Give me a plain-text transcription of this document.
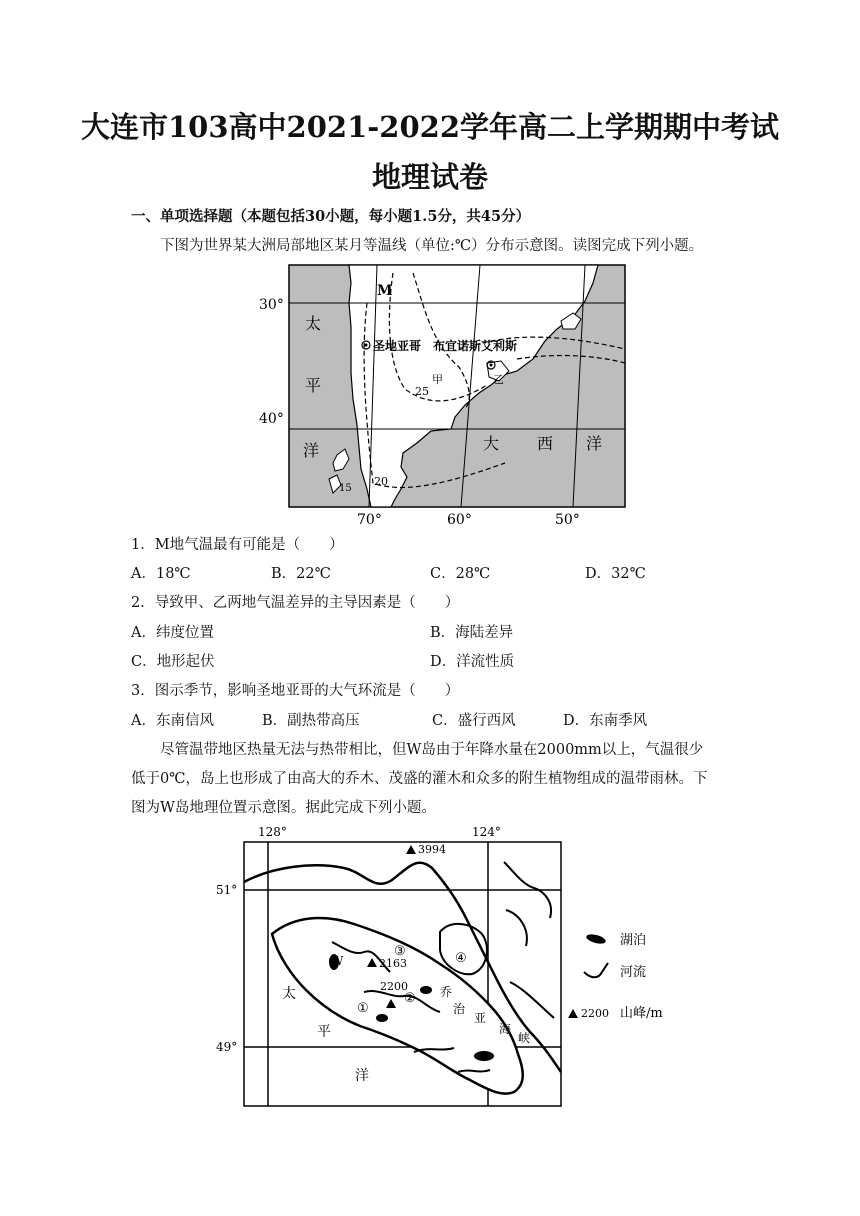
大连市103高中2021-2022学年高二上学期期中考试
地理试卷
一、单项选择题（本题包括30小题，每小题1.5分，共45分）
下图为世界某大洲局部地区某月等温线（单位:℃）分布示意图。读图完成下列小题。
30°
40°
70°	60°	50°
M
圣地亚哥 布宜诺斯艾利斯
甲	乙
25
20
15
太
平
洋	大 西 洋
1．M地气温最有可能是（　　）
A．18℃	B．22℃	C．28℃	D．32℃
2．导致甲、乙两地气温差异的主导因素是（　　）
A．纬度位置	B．海陆差异
C．地形起伏	D．洋流性质
3．图示季节，影响圣地亚哥的大气环流是（　　）
A．东南信风	B．副热带高压	C．盛行西风	D．东南季风
尽管温带地区热量无法与热带相比，但W岛由于年降水量在2000mm以上，气温很少
低于0℃，岛上也形成了由高大的乔木、茂盛的灌木和众多的附生植物组成的温带雨林。下
图为W岛地理位置示意图。据此完成下列小题。
128°	124°
51°
49°
3994
2163
2200
W
①
②
③	④
太
平
洋
乔
治
亚
海
峡
湖泊
河流
2200 山峰/m
